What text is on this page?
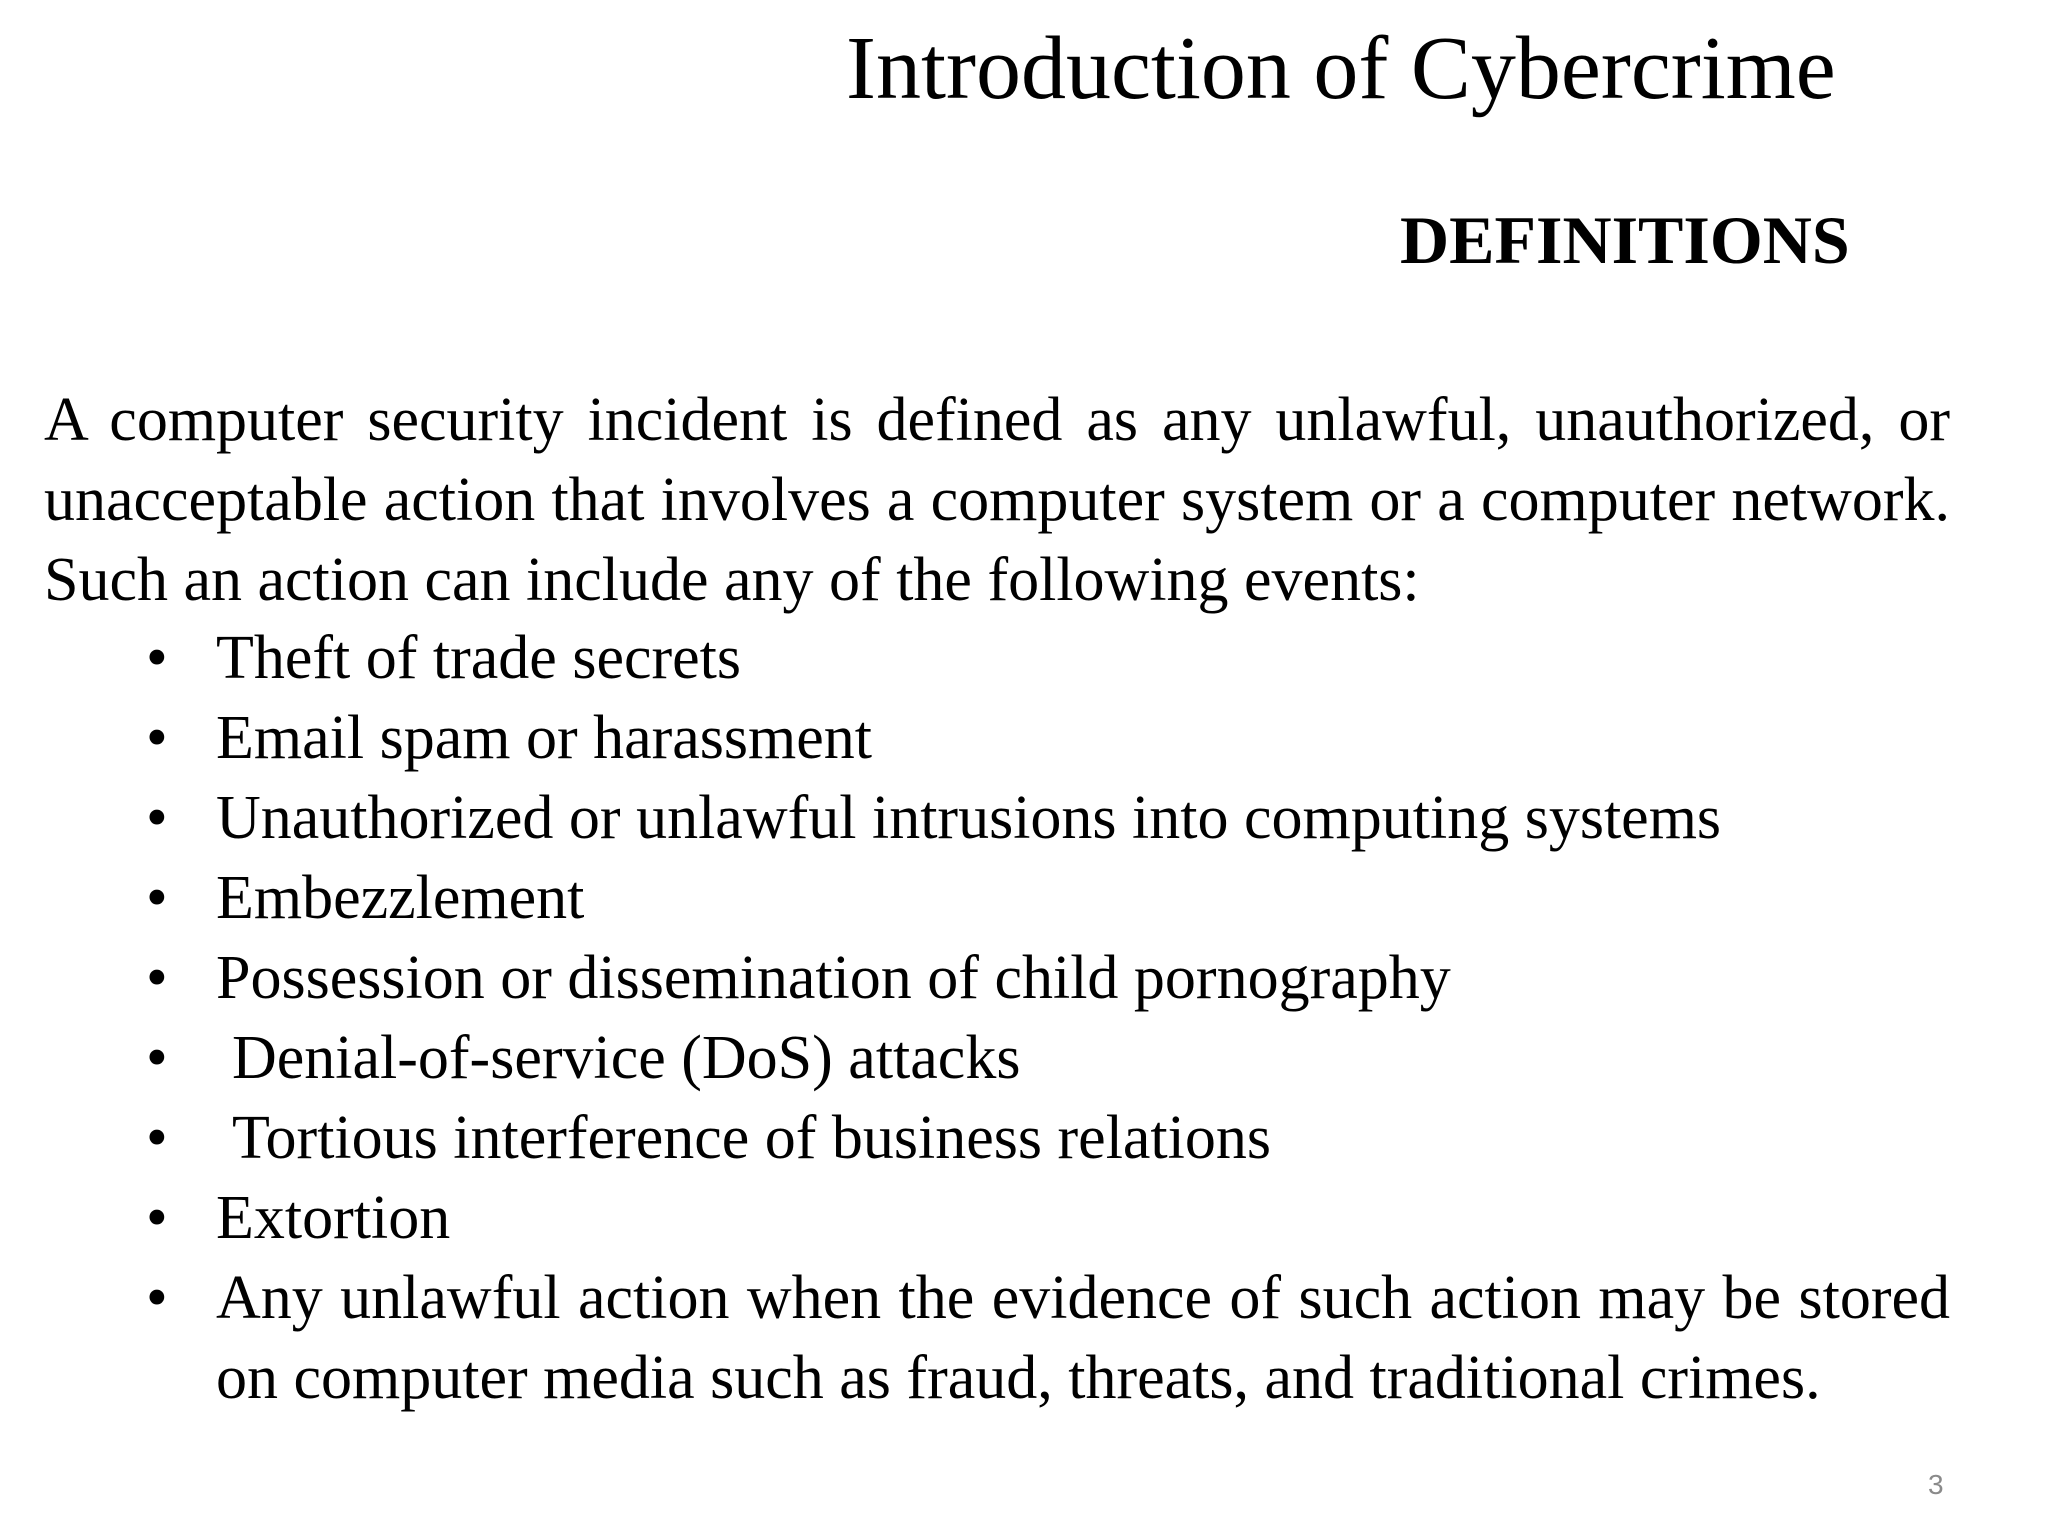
Introduction of Cybercrime
DEFINITIONS
A computer security incident is defined as any unlawful, unauthorized, or unacceptable action that involves a computer system or a computer network. Such an action can include any of the following events:
• Theft of trade secrets
• Email spam or harassment
• Unauthorized or unlawful intrusions into computing systems
• Embezzlement
• Possession or dissemination of child pornography
• Denial-of-service (DoS) attacks
• Tortious interference of business relations
• Extortion
• Any unlawful action when the evidence of such action may be stored on computer media such as fraud, threats, and traditional crimes.
3
